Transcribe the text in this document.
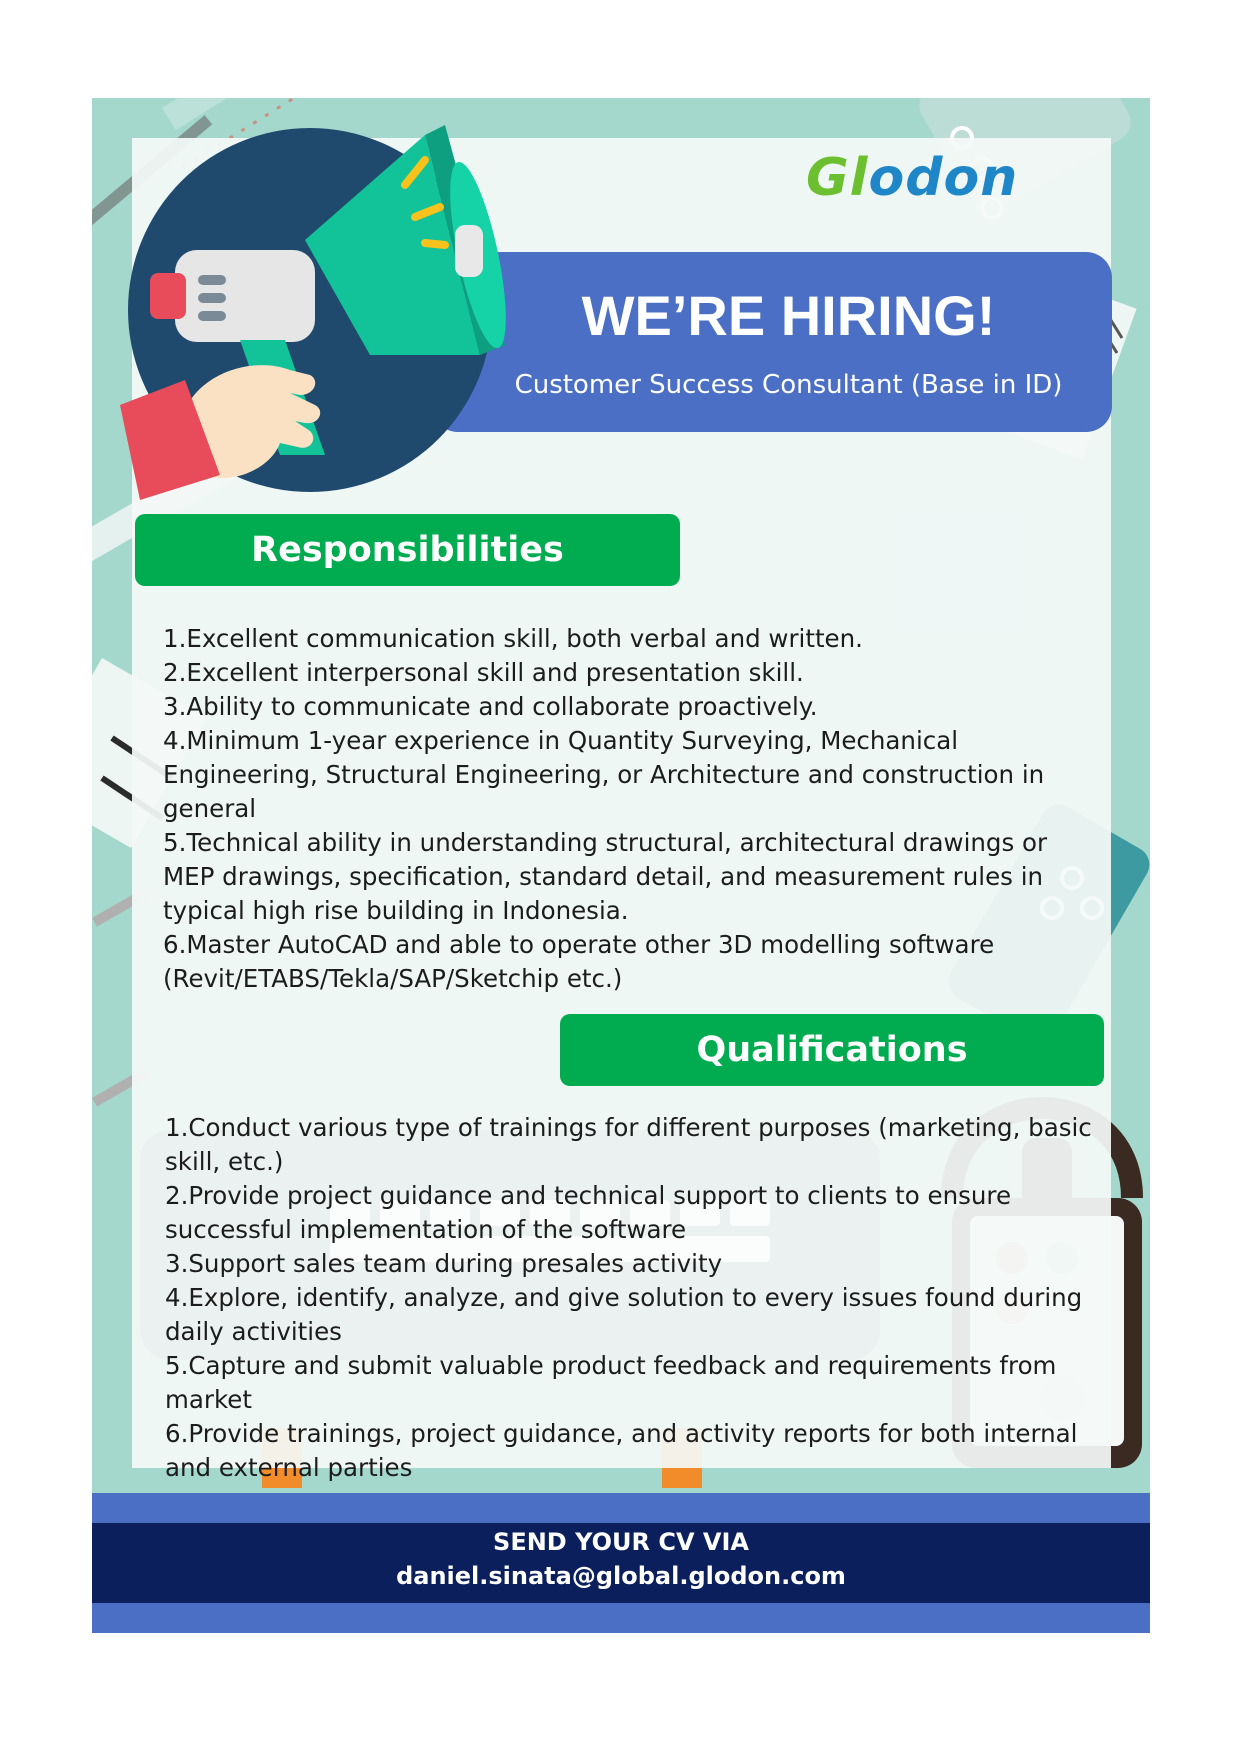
Glodon
WE’RE HIRING!
Customer Success Consultant (Base in ID)
Responsibilities
1.Excellent communication skill, both verbal and written.
2.Excellent interpersonal skill and presentation skill.
3.Ability to communicate and collaborate proactively.
4.Minimum 1-year experience in Quantity Surveying, Mechanical Engineering, Structural Engineering, or Architecture and construction in general
5.Technical ability in understanding structural, architectural drawings or MEP drawings, specification, standard detail, and measurement rules in typical high rise building in Indonesia.
6.Master AutoCAD and able to operate other 3D modelling software (Revit/ETABS/Tekla/SAP/Sketchip etc.)
Qualifications
1.Conduct various type of trainings for different purposes (marketing, basic skill, etc.)
2.Provide project guidance and technical support to clients to ensure successful implementation of the software
3.Support sales team during presales activity
4.Explore, identify, analyze, and give solution to every issues found during daily activities
5.Capture and submit valuable product feedback and requirements from market
6.Provide trainings, project guidance, and activity reports for both internal and external parties
SEND YOUR CV VIA
daniel.sinata@global.glodon.com
